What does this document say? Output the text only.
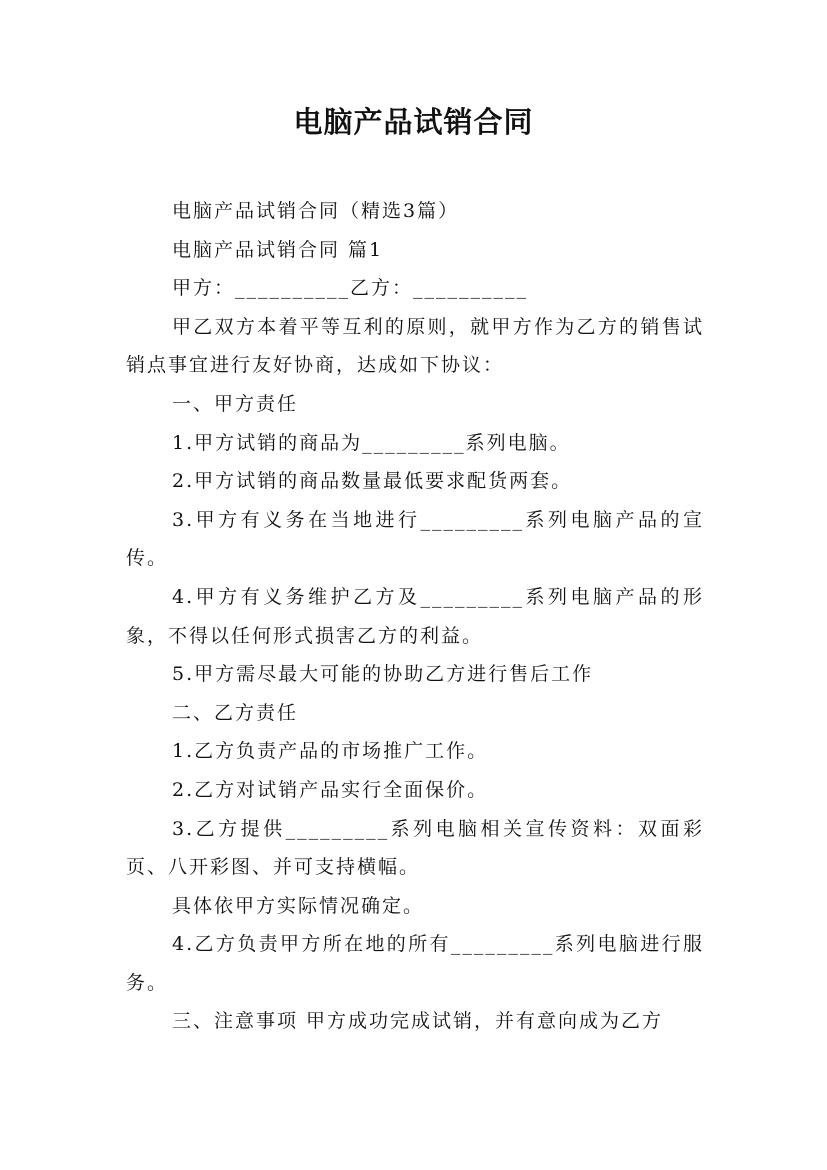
电脑产品试销合同

电脑产品试销合同（精选3篇）

电脑产品试销合同 篇1

甲方：__________乙方：__________

甲乙双方本着平等互利的原则，就甲方作为乙方的销售试销点事宜进行友好协商，达成如下协议：

一、甲方责任

1.甲方试销的商品为_________系列电脑。

2.甲方试销的商品数量最低要求配货两套。

3.甲方有义务在当地进行_________系列电脑产品的宣传。

4.甲方有义务维护乙方及_________系列电脑产品的形象，不得以任何形式损害乙方的利益。

5.甲方需尽最大可能的协助乙方进行售后工作

二、乙方责任

1.乙方负责产品的市场推广工作。

2.乙方对试销产品实行全面保价。

3.乙方提供_________系列电脑相关宣传资料：双面彩页、八开彩图、并可支持横幅。

具体依甲方实际情况确定。

4.乙方负责甲方所在地的所有_________系列电脑进行服务。

三、注意事项 甲方成功完成试销，并有意向成为乙方
